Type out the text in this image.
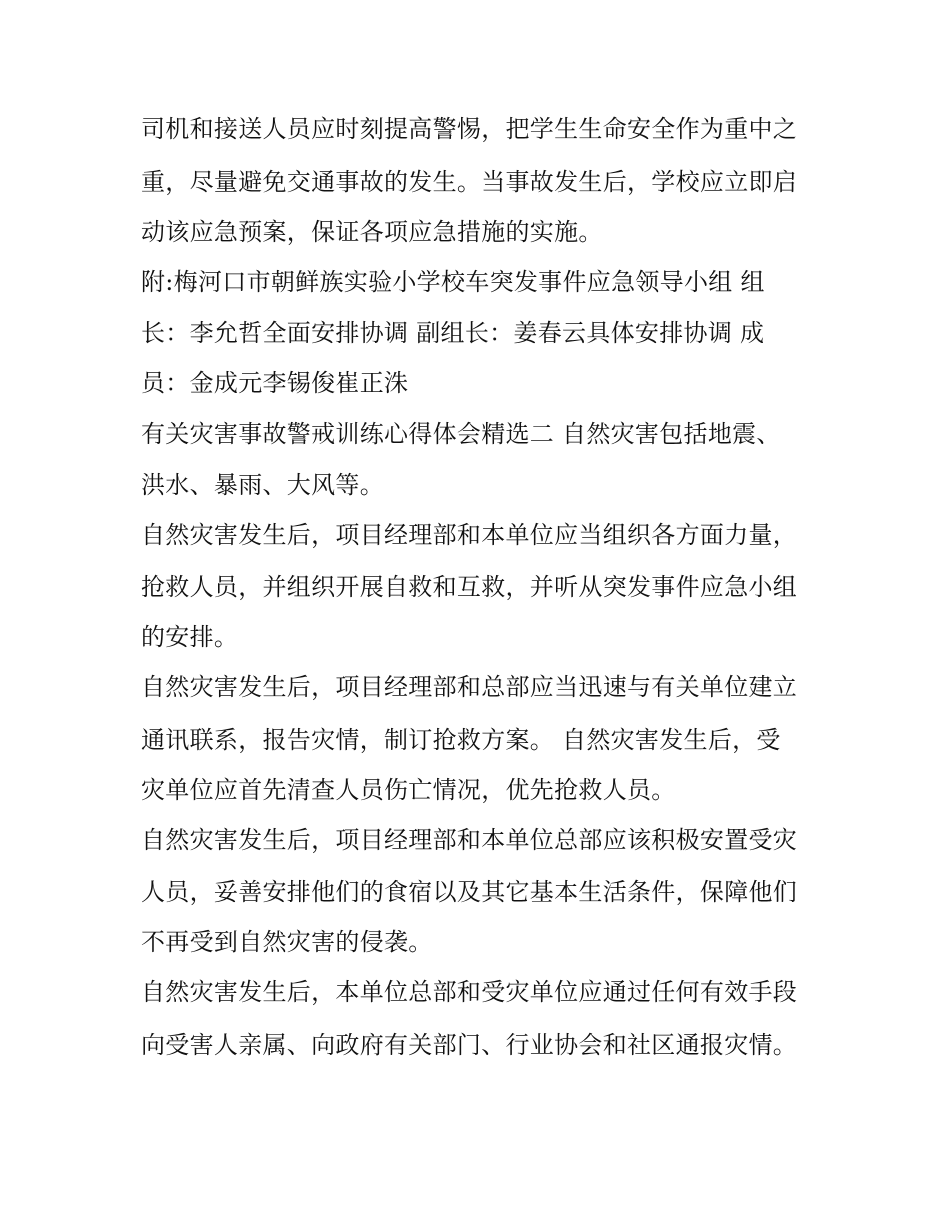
司机和接送人员应时刻提高警惕，把学生生命安全作为重中之

重，尽量避免交通事故的发生。当事故发生后，学校应立即启

动该应急预案，保证各项应急措施的实施。

附:梅河口市朝鲜族实验小学校车突发事件应急领导小组 组

长：李允哲全面安排协调 副组长：姜春云具体安排协调 成

员：金成元李锡俊崔正洙

有关灾害事故警戒训练心得体会精选二 自然灾害包括地震、

洪水、暴雨、大风等。

自然灾害发生后，项目经理部和本单位应当组织各方面力量，

抢救人员，并组织开展自救和互救，并听从突发事件应急小组

的安排。

自然灾害发生后，项目经理部和总部应当迅速与有关单位建立

通讯联系，报告灾情，制订抢救方案。 自然灾害发生后，受

灾单位应首先清查人员伤亡情况，优先抢救人员。

自然灾害发生后，项目经理部和本单位总部应该积极安置受灾

人员，妥善安排他们的食宿以及其它基本生活条件，保障他们

不再受到自然灾害的侵袭。

自然灾害发生后，本单位总部和受灾单位应通过任何有效手段

向受害人亲属、向政府有关部门、行业协会和社区通报灾情。
